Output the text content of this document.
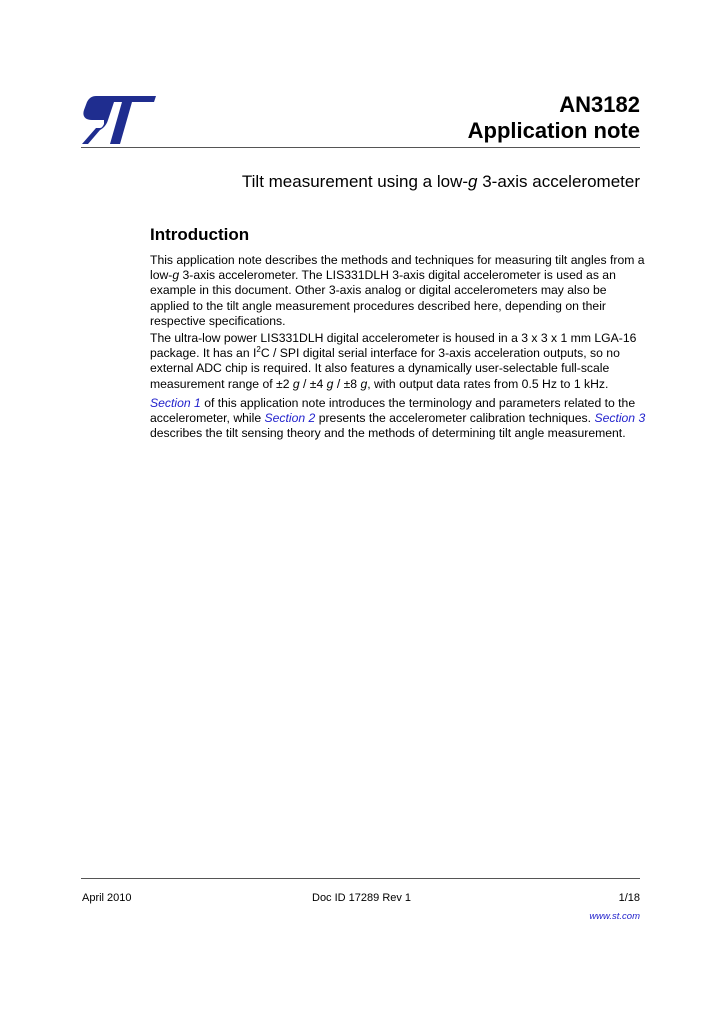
AN3182
Application note
Tilt measurement using a low-g 3-axis accelerometer
Introduction
This application note describes the methods and techniques for measuring tilt angles from a
low-g 3-axis accelerometer. The LIS331DLH 3-axis digital accelerometer is used as an
example in this document. Other 3-axis analog or digital accelerometers may also be
applied to the tilt angle measurement procedures described here, depending on their
respective specifications.
The ultra-low power LIS331DLH digital accelerometer is housed in a 3 x 3 x 1 mm LGA-16
package. It has an $I^2C$ / SPI digital serial interface for 3-axis acceleration outputs, so no
external ADC chip is required. It also features a dynamically user-selectable full-scale
measurement range of ±2 g / ±4 g / ±8 g, with output data rates from 0.5 Hz to 1 kHz.
Section 1 of this application note introduces the terminology and parameters related to the
accelerometer, while Section 2 presents the accelerometer calibration techniques. Section 3
describes the tilt sensing theory and the methods of determining tilt angle measurement.
April 2010	Doc ID 17289 Rev 1	1/18
www.st.com
